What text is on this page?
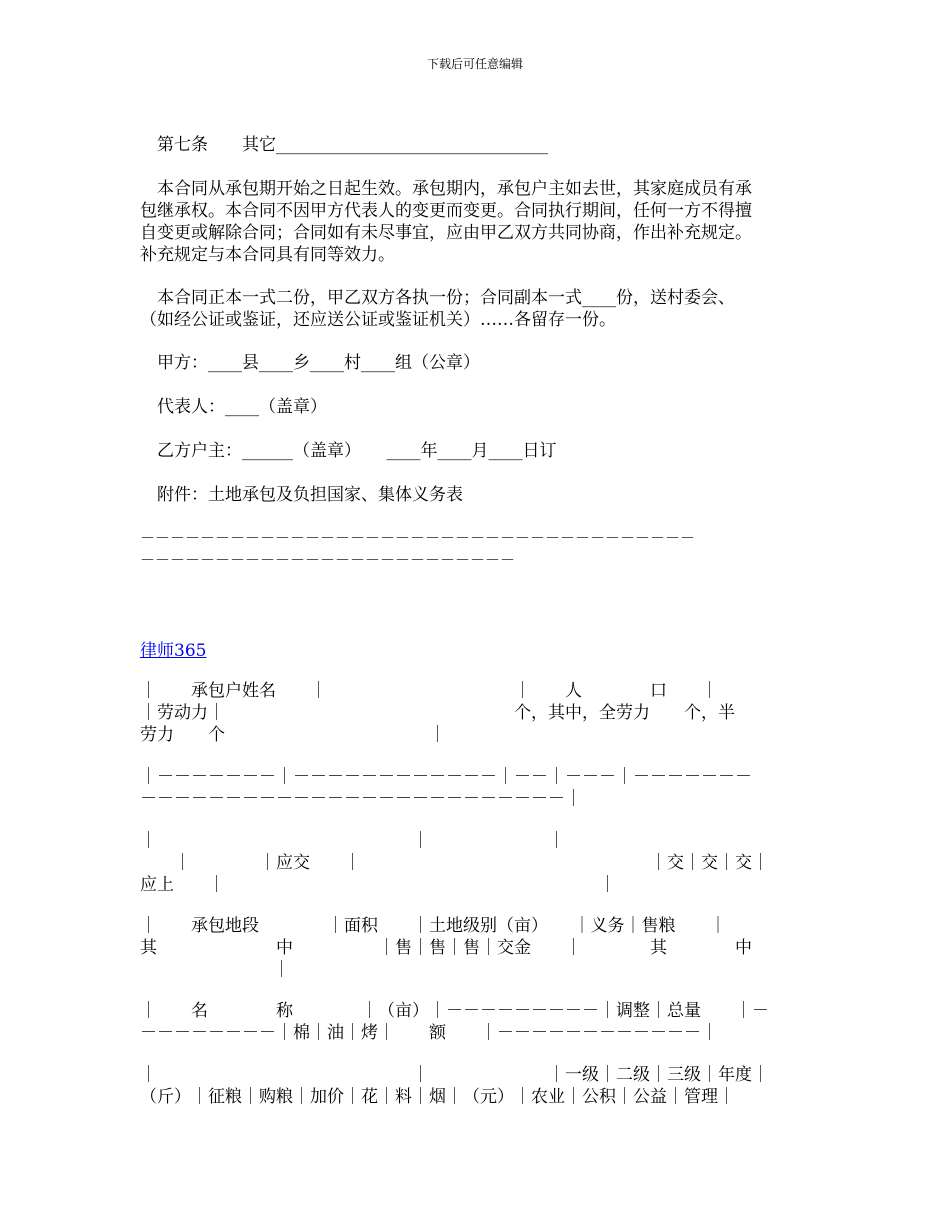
下载后可任意编辑
　第七条　　其它________________________________
　本合同从承包期开始之日起生效。承包期内，承包户主如去世，其家庭成员有承
包继承权。本合同不因甲方代表人的变更而变更。合同执行期间，任何一方不得擅
自变更或解除合同；合同如有未尽事宜，应由甲乙双方共同协商，作出补充规定。
补充规定与本合同具有同等效力。
　本合同正本一式二份，甲乙双方各执一份；合同副本一式____份，送村委会、
（如经公证或鉴证，还应送公证或鉴证机关）……各留存一份。
　甲方：____县____乡____村____组（公章）
　代表人：____（盖章）
　乙方户主：______（盖章）　　____年____月____日订
　附件：土地承包及负担国家、集体义务表
－－－－－－－－－－－－－－－－－－－－－－－－－－－－－－－－－－－－－
－－－－－－－－－－－－－－－－－－－－－－－－－
律师365
｜　　承包户姓名　　｜　　　　　　　　　　　｜　　人　　　　口　　｜
｜劳动力｜　　　　　　　　　　　　　　　　　个，其中，全劳力　　个，半
劳力　　个　　　　　　　　　　　　｜
｜－－－－－－－｜－－－－－－－－－－－－｜－－｜－－－｜－－－－－－－
－－－－－－－－－－－－－－－－－－－－－－－－－｜
｜　　　　　　　　　　　　　　　｜　　　　　　　｜
　　｜　　　　｜应交　　｜　　　　　　　　　　　　　　　　　｜交｜交｜交｜
应上　　｜　　　　　　　　　　　　　　　　　　　　　　｜
｜　　承包地段　　　　｜面积　　｜土地级别（亩）　　｜义务｜售粮　　｜
其　　　　　　　中　　　　　｜售｜售｜售｜交金　　｜　　　　其　　　　中
｜
｜　　名　　　　称　　　　｜（亩）｜－－－－－－－－－｜调整｜总量　　｜－
－－－－－－－－｜棉｜油｜烤｜　　额　　｜－－－－－－－－－－－－｜
｜　　　　　　　　　　　　　　　｜　　　　　　　｜一级｜二级｜三级｜年度｜
（斤）｜征粮｜购粮｜加价｜花｜料｜烟｜（元）｜农业｜公积｜公益｜管理｜
